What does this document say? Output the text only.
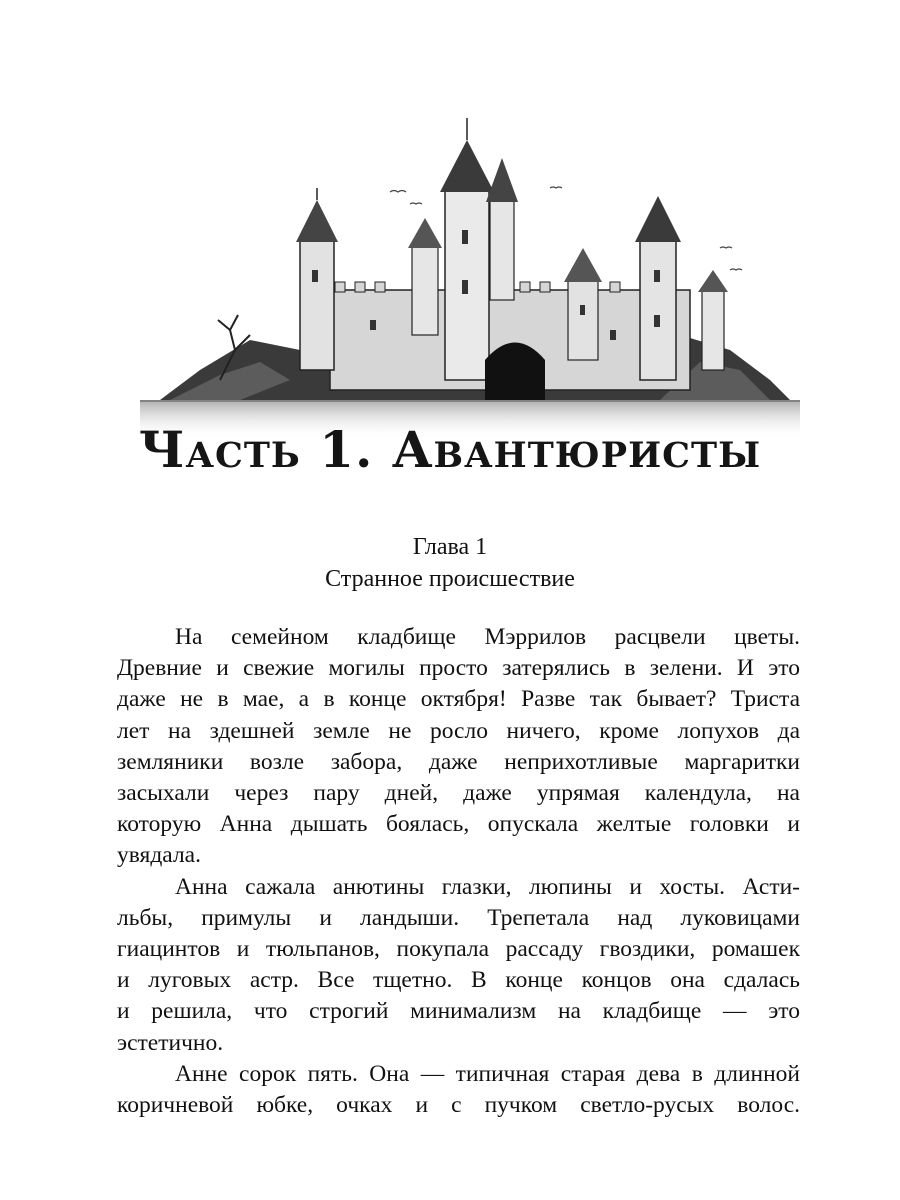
Часть 1. Авантюристы
Глава 1
Странное происшествие
На семейном кладбище Мэррилов расцвели цветы.
Древние и свежие могилы просто затерялись в зелени. И это
даже не в мае, а в конце октября! Разве так бывает? Триста
лет на здешней земле не росло ничего, кроме лопухов да
земляники возле забора, даже неприхотливые маргаритки
засыхали через пару дней, даже упрямая календула, на
которую Анна дышать боялась, опускала желтые головки и
увядала.
Анна сажала анютины глазки, люпины и хосты. Асти-
льбы, примулы и ландыши. Трепетала над луковицами
гиацинтов и тюльпанов, покупала рассаду гвоздики, ромашек
и луговых астр. Все тщетно. В конце концов она сдалась
и решила, что строгий минимализм на кладбище — это
эстетично.
Анне сорок пять. Она — типичная старая дева в длинной
коричневой юбке, очках и с пучком светло-русых волос.
